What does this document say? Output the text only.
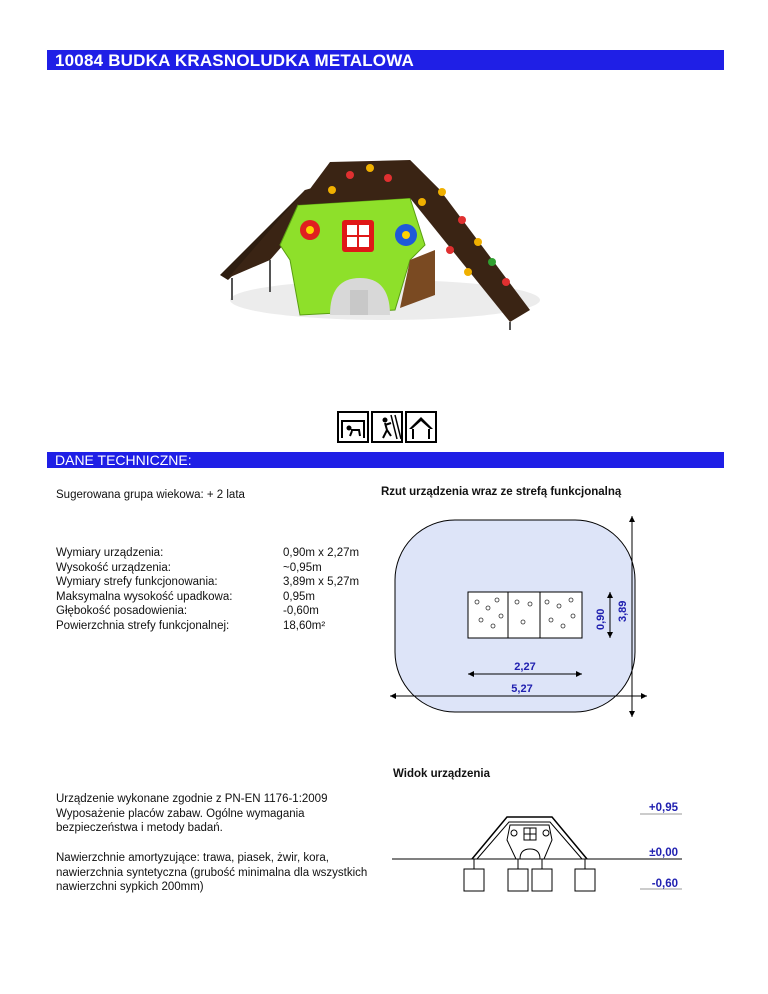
10084 BUDKA KRASNOLUDKA METALOWA
DANE TECHNICZNE:
Sugerowana grupa wiekowa: + 2 lata
Wymiary urządzenia:	0,90m x 2,27m
Wysokość urządzenia:	~0,95m
Wymiary strefy funkcjonowania:	3,89m x 5,27m
Maksymalna wysokość upadkowa:	0,95m
Głębokość posadowienia:	-0,60m
Powierzchnia strefy funkcjonalnej:	18,60m²
Rzut urządzenia wraz ze strefą funkcjonalną
0,90 3,89
2,27
5,27
Widok urządzenia
+0,95
±0,00
-0,60
Urządzenie wykonane zgodnie z PN-EN 1176-1:2009
Wyposażenie placów zabaw. Ogólne wymagania
bezpieczeństwa i metody badań.
Nawierzchnie amortyzujące: trawa, piasek, żwir, kora,
nawierzchnia syntetyczna (grubość minimalna dla wszystkich
nawierzchni sypkich 200mm)
